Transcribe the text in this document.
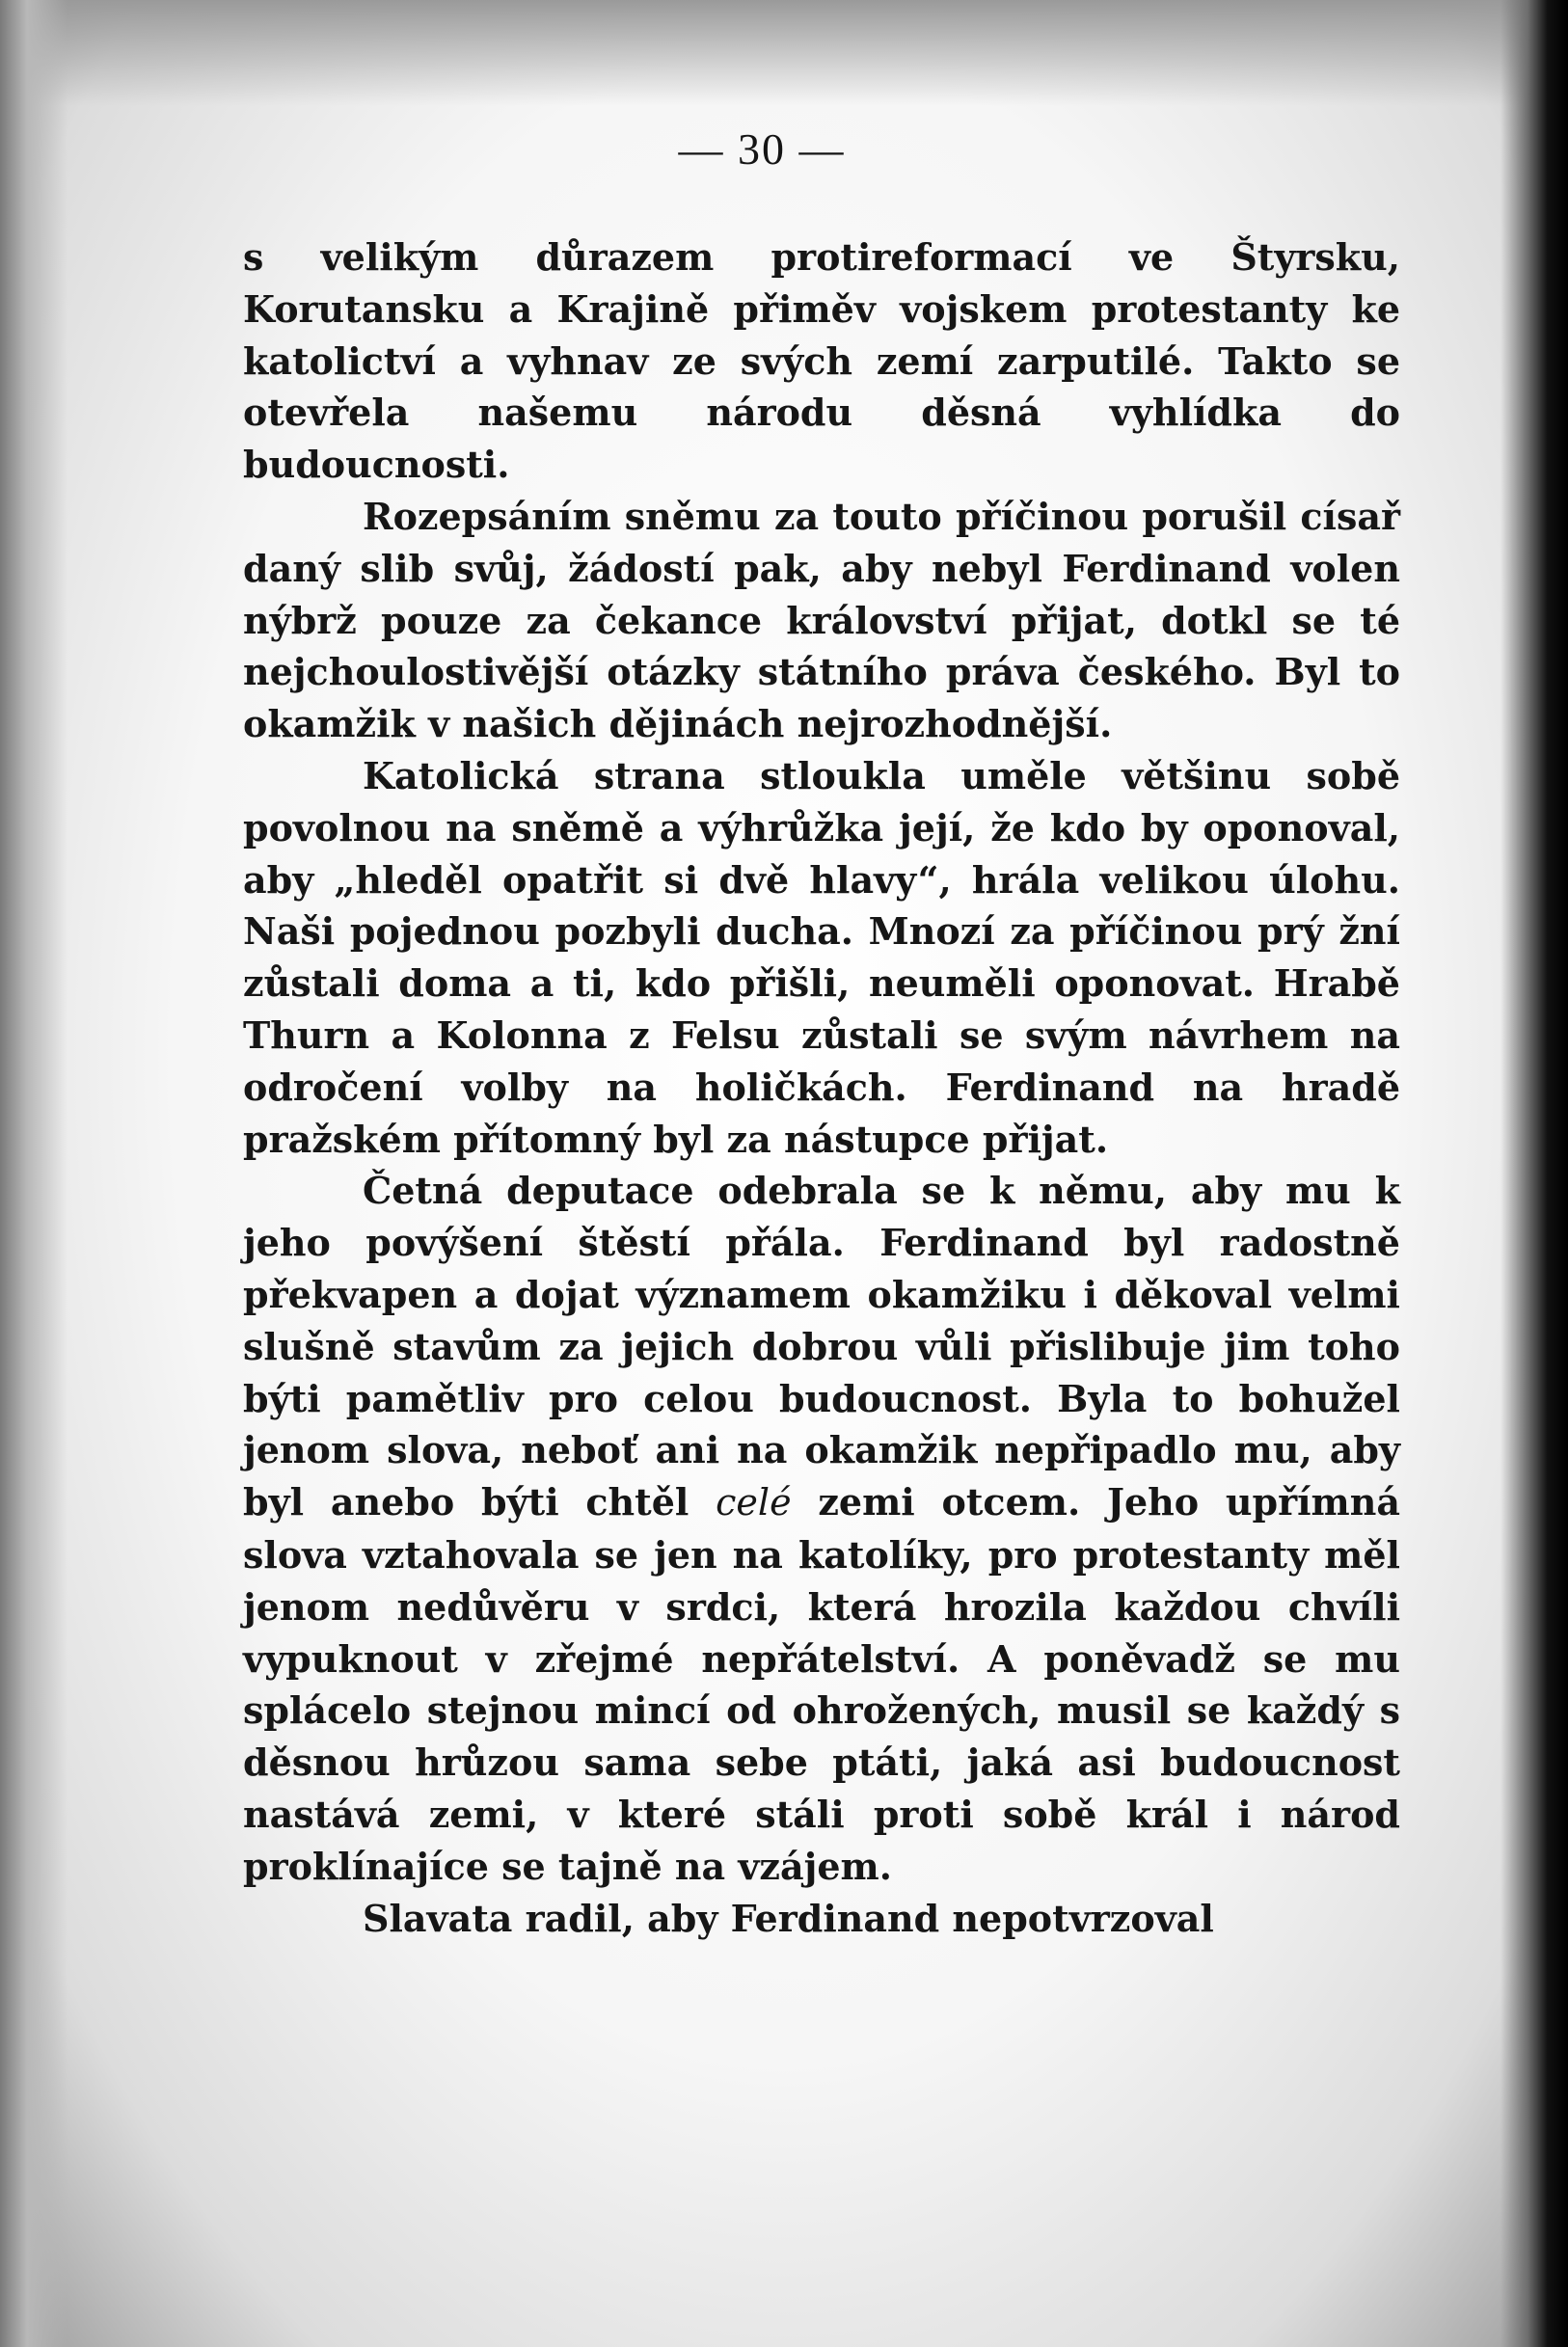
— 30 —

s velikým důrazem protireformací ve Štyrsku, Korutansku a Krajině přiměv vojskem protestanty ke katolictví a vyhnav ze svých zemí zarputilé. Takto se otevřela našemu národu děsná vyhlídka do budoucnosti.

Rozepsáním sněmu za touto příčinou porušil císař daný slib svůj, žádostí pak, aby nebyl Ferdinand volen nýbrž pouze za čekance království přijat, dotkl se té nejchoulostivější otázky státního práva českého. Byl to okamžik v našich dějinách nejrozhodnější.

Katolická strana stloukla uměle většinu sobě povolnou na sněmě a výhrůžka její, že kdo by oponoval, aby „hleděl opatřit si dvě hlavy“, hrála velikou úlohu. Naši pojednou pozbyli ducha. Mnozí za příčinou prý žní zůstali doma a ti, kdo přišli, neuměli oponovat. Hrabě Thurn a Kolonna z Felsu zůstali se svým návrhem na odročení volby na holičkách. Ferdinand na hradě pražském přítomný byl za nástupce přijat.

Četná deputace odebrala se k němu, aby mu k jeho povýšení štěstí přála. Ferdinand byl radostně překvapen a dojat významem okamžiku i děkoval velmi slušně stavům za jejich dobrou vůli přislibuje jim toho býti pamětliv pro celou budoucnost. Byla to bohužel jenom slova, neboť ani na okamžik nepřipadlo mu, aby byl anebo býti chtěl celé zemi otcem. Jeho upřímná slova vztahovala se jen na katolíky, pro protestanty měl jenom nedůvěru v srdci, která hrozila každou chvíli vypuknout v zřejmé nepřátelství. A poněvadž se mu splácelo stejnou mincí od ohrožených, musil se každý s děsnou hrůzou sama sebe ptáti, jaká asi budoucnost nastává zemi, v které stáli proti sobě král i národ proklínajíce se tajně na vzájem.

Slavata radil, aby Ferdinand nepotvrzoval
